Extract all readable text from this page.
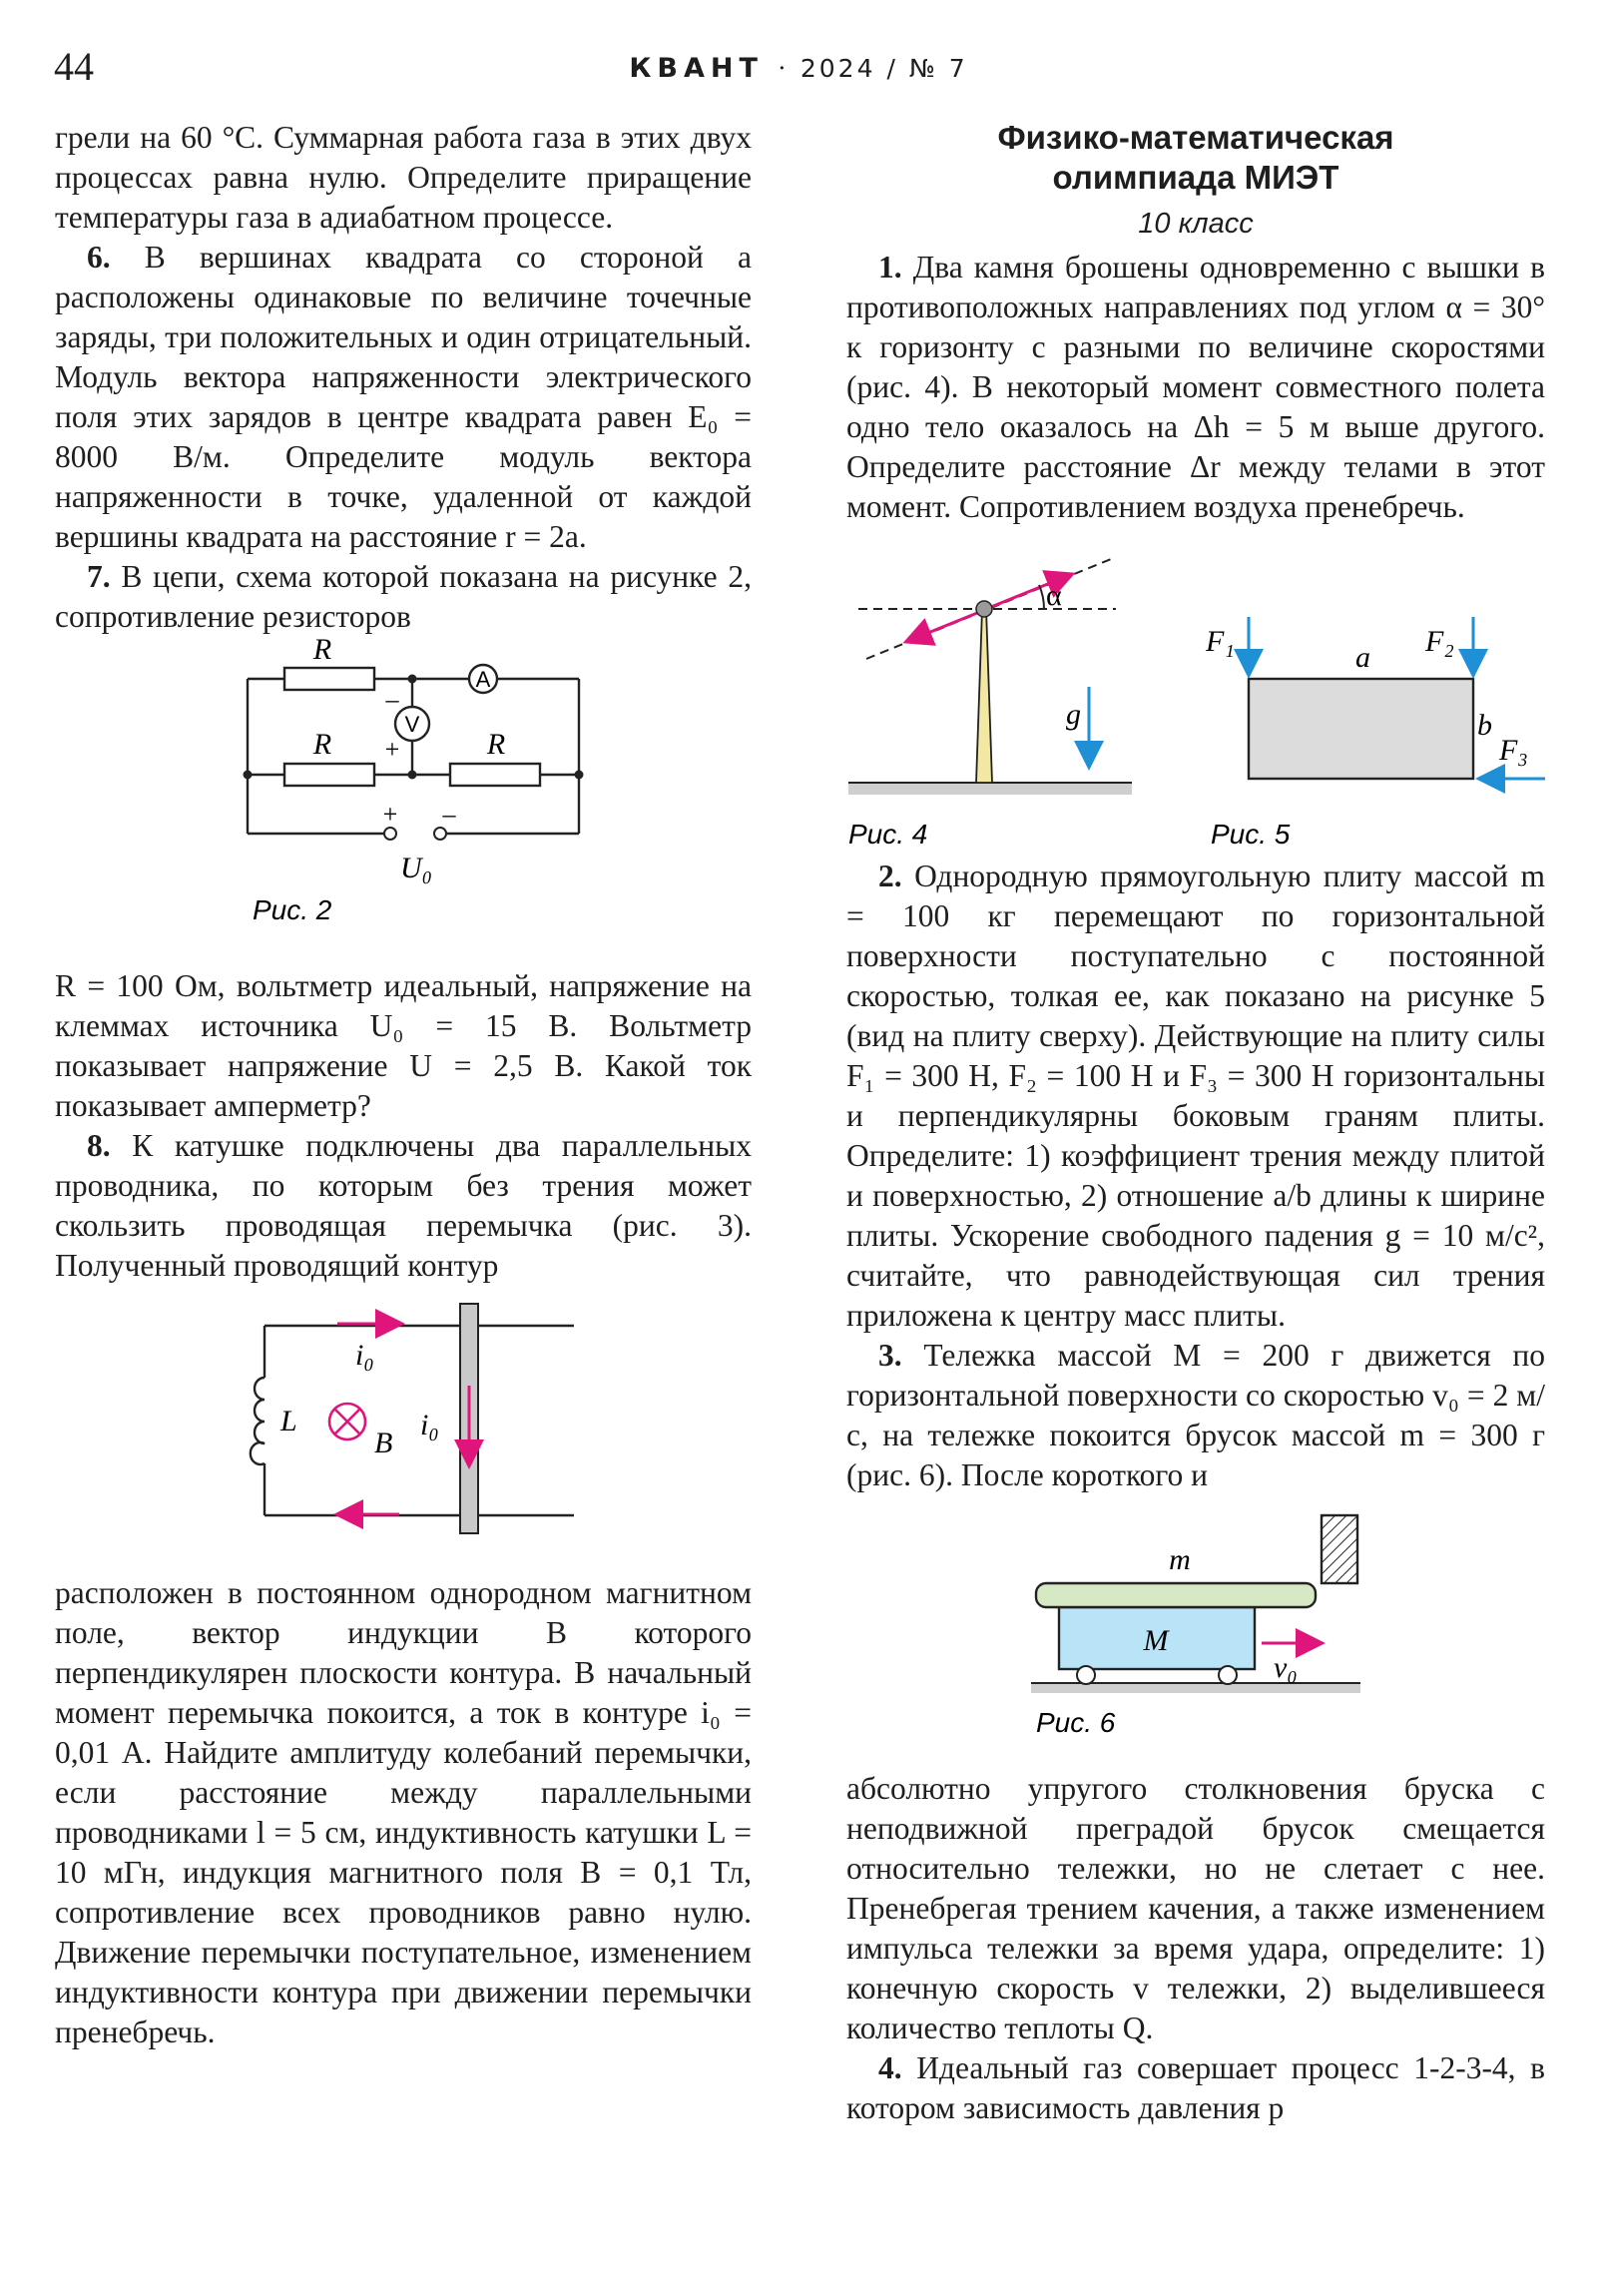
44	КВАНТ · 2024 / № 7

грели на 60 °С. Суммарная работа газа в этих двух процессах равна нулю. Определите приращение температуры газа в адиабатном процессе.

6. В вершинах квадрата со стороной a расположены одинаковые по величине точечные заряды, три положительных и один отрицательный. Модуль вектора напряженности электрического поля этих зарядов в центре квадрата равен E₀ = 8000 В/м. Определите модуль вектора напряженности в точке, удаленной от каждой вершины квадрата на расстояние r = 2a.

7. В цепи, схема которой показана на рисунке 2, сопротивление резисторов

R
R	R
A
V
–
+
+ –
U₀
Рис. 2

R = 100 Ом, вольтметр идеальный, напряжение на клеммах источника U₀ = 15 В. Вольтметр показывает напряжение U = 2,5 В. Какой ток показывает амперметр?

8. К катушке подключены два параллельных проводника, по которым без трения может скользить проводящая перемычка (рис. 3). Полученный проводящий контур

i₀
i₀
L
B

расположен в постоянном однородном магнитном поле, вектор индукции B которого перпендикулярен плоскости контура. В начальный момент перемычка покоится, а ток в контуре i₀ = 0,01 А. Найдите амплитуду колебаний перемычки, если расстояние между параллельными проводниками l = 5 см, индуктивность катушки L = 10 мГн, индукция магнитного поля B = 0,1 Тл, сопротивление всех проводников равно нулю. Движение перемычки поступательное, изменением индуктивности контура при движении перемычки пренебречь.

Физико-математическая

олимпиада МИЭТ

10 класс

1. Два камня брошены одновременно с вышки в противоположных направлениях под углом α = 30° к горизонту с разными по величине скоростями (рис. 4). В некоторый момент совместного полета одно тело оказалось на Δh = 5 м выше другого. Определите расстояние Δr между телами в этот момент. Сопротивлением воздуха пренебречь.

α
g
Рис. 4
F₁	F₂
F₃
a
b
Рис. 5

2. Однородную прямоугольную плиту массой m = 100 кг перемещают по горизонтальной поверхности поступательно с постоянной скоростью, толкая ее, как показано на рисунке 5 (вид на плиту сверху). Действующие на плиту силы F₁ = 300 Н, F₂ = 100 Н и F₃ = 300 Н горизонтальны и перпендикулярны боковым граням плиты. Определите: 1) коэффициент трения между плитой и поверхностью, 2) отношение a/b длины к ширине плиты. Ускорение свободного падения g = 10 м/с², считайте, что равнодействующая сил трения приложена к центру масс плиты.

3. Тележка массой M = 200 г движется по горизонтальной поверхности со скоростью v₀ = 2 м/с, на тележке покоится брусок массой m = 300 г (рис. 6). После короткого и

m
M
v₀
Рис. 6

абсолютно упругого столкновения бруска с неподвижной преградой брусок смещается относительно тележки, но не слетает с нее. Пренебрегая трением качения, а также изменением импульса тележки за время удара, определите: 1) конечную скорость v тележки, 2) выделившееся количество теплоты Q.

4. Идеальный газ совершает процесс 1-2-3-4, в котором зависимость давления p
